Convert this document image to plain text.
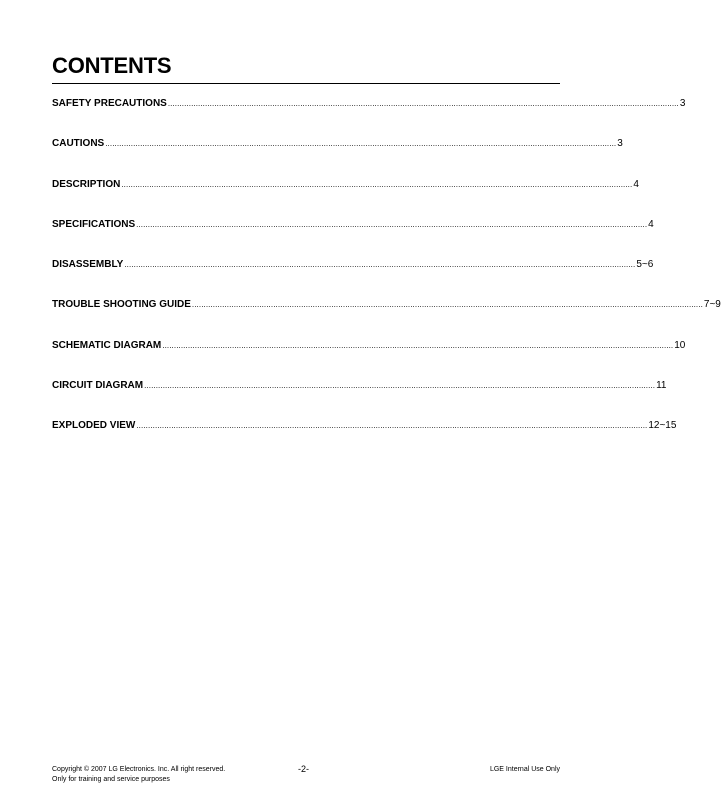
CONTENTS
SAFETY PRECAUTIONS ............................................................................................................................................................................................................................ 3
CAUTIONS ............................................................................................................................................................................................................................ 3
DESCRIPTION ............................................................................................................................................................................................................................ 4
SPECIFICATIONS ............................................................................................................................................................................................................................ 4
DISASSEMBLY ............................................................................................................................................................................................................................ 5~6
TROUBLE SHOOTING GUIDE ............................................................................................................................................................................................................................ 7~9
SCHEMATIC DIAGRAM ............................................................................................................................................................................................................................ 10
CIRCUIT DIAGRAM ............................................................................................................................................................................................................................ 11
EXPLODED VIEW ............................................................................................................................................................................................................................ 12~15
Copyright © 2007 LG Electronics. Inc. All right reserved.
Only for training and service purposes
-2-	LGE Internal Use Only
